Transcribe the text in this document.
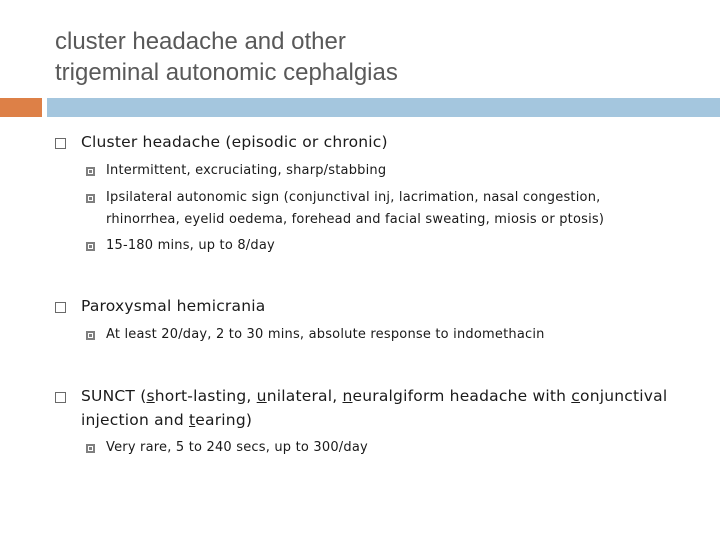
cluster headache and other
trigeminal autonomic cephalgias
Cluster headache (episodic or chronic)
Intermittent, excruciating, sharp/stabbing
Ipsilateral autonomic sign (conjunctival inj, lacrimation, nasal congestion,
rhinorrhea, eyelid oedema, forehead and facial sweating, miosis or ptosis)
15-180 mins, up to 8/day
Paroxysmal hemicrania
At least 20/day, 2 to 30 mins, absolute response to indomethacin
SUNCT (short-lasting, unilateral, neuralgiform headache with conjunctival
injection and tearing)
Very rare, 5 to 240 secs, up to 300/day
